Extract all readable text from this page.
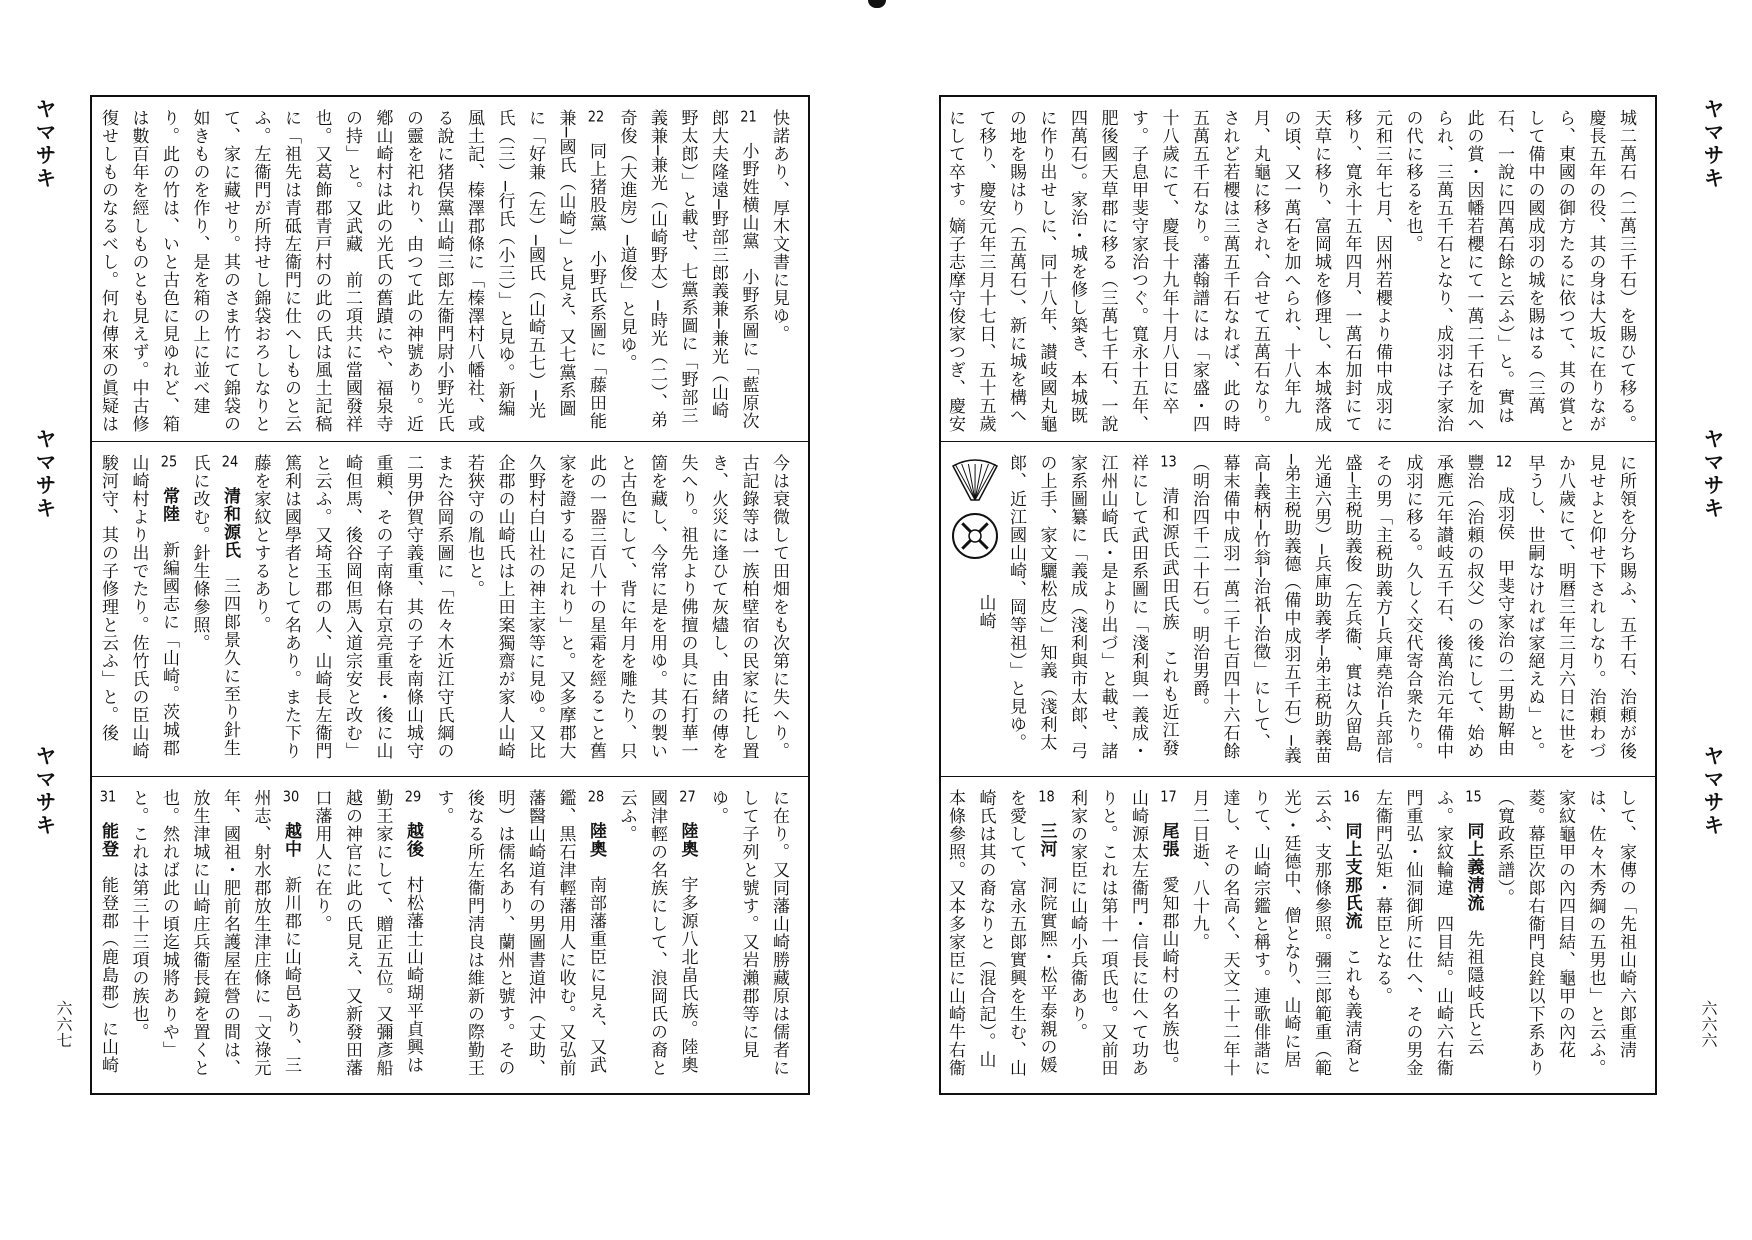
ヤマサキ
ヤマサキ
ヤマサキ
快諾あり、厚木文書に見ゆ。
21　小野姓横山黨　小野系圖に「藍原次郎大夫隆遠─野部三郎義兼─兼光（山崎野太郎）」と載せ、七黨系圖に「野部三義兼─兼光（山崎野太）─時光（二）、弟奇俊（大進房）─道俊」と見ゆ。
22　同上猪股黨　小野氏系圖に「藤田能兼─國氏（山崎）」と見え、又七黨系圖に「好兼（左）─國氏（山崎五七）─光氏（三）─行氏（小三）」と見ゆ。新編風土記、榛澤郡條に「榛澤村八幡社、或る說に猪俣黨山崎三郎左衞門尉小野光氏の靈を祀れり、由つて此の神號あり。近鄕山崎村は此の光氏の舊蹟にや、福泉寺の持」と。又武藏　前二項共に當國發祥也。又葛飾郡青戸村の此の氏は風土記稿に「祖先は青砥左衞門に仕へしものと云ふ。左衞門が所持せし錦袋おろしなりとて、家に藏せり。其のさま竹にて錦袋の如きものを作り、是を箱の上に並べ建り。此の竹は、いと古色に見ゆれど、箱は數百年を經しものとも見えず。中古修復せしものなるべし。何れ傳來の眞疑は
今は衰微して田畑をも次第に失へり。古記錄等は一族柏壁宿の民家に托し置き、火災に逢ひて灰燼し、由緒の傳を失へり。祖先より佛擅の具に石打華一箇を藏し、今常に是を用ゆ。其の製いと古色にして、背に年月を雕たり、只此の一器三百八十の星霜を經ること舊家を證するに足れり」と。又多摩郡大久野村白山社の神主家等に見ゆ。又比企郡の山崎氏は上田案獨齋が家人山崎若狹守の胤也と。
また谷岡系圖に「佐々木近江守氏綱の二男伊賀守義重、其の子を南條山城守重頼、その子南條右京亮重長・後に山崎但馬、後谷岡但馬入道宗安と改む」と云ふ。又埼玉郡の人、山崎長左衞門篤利は國學者として名あり。また下り藤を家紋とするあり。
24　清和源氏　三四郞景久に至り針生氏に改む。針生條參照。
25　常陸　新編國志に「山崎。茨城郡山崎村より出でたり。佐竹氏の臣山崎駿河守、其の子修理と云ふ」と。後

に在り。又同藩山崎勝藏原は儒者にして子列と號す。又岩瀨郡等に見ゆ。
27　陸奧　宇多源八北畠氏族。陸奧國津輕の名族にして、浪岡氏の裔と云ふ。
28　陸奧　南部藩重臣に見え、又武鑑、黒石津輕藩用人に收む。又弘前藩醫山崎道有の男圖書道沖（丈助、明）は儒名あり、蘭州と號す。その後なる所左衞門淸良は維新の際勤王す。
29　越後　村松藩士山崎瑚平貞興は勤王家にして、贈正五位。又彌彥船越の神官に此の氏見え、又新發田藩口藩用人に在り。
30　越中　新川郡に山崎邑あり、三州志、射水郡放生津庄條に「文祿元年、國祖・肥前名護屋在營の間は、放生津城に山崎庄兵衞長鏡を置くと也。然れば此の頃迄城將ありや」と。これは第三十三項の族也。
31　能登　能登郡（鹿島郡）に山崎

六六七
ヤマサキ
ヤマサキ
ヤマサキ
城二萬石（二萬三千石）を賜ひて移る。慶長五年の役、其の身は大坂に在りながら、東國の御方たるに依つて、其の賞として備中の國成羽の城を賜はる（三萬石、一說に四萬石餘と云ふ）」と。實は此の賞・因幡若櫻にて一萬二千石を加へられ、三萬五千石となり、成羽は子家治の代に移るを也。
元和三年七月、因州若櫻より備中成羽に移り、寬永十五年四月、一萬石加封にて天草に移り、富岡城を修理し、本城落成の頃、又一萬石を加へられ、十八年九月、丸龜に移され、合せて五萬石なり。されど若櫻は三萬五千石なれば、此の時五萬五千石なり。藩翰譜には「家盛・四十八歲にて、慶長十九年十月八日に卒す。子息甲斐守家治つぐ。寬永十五年、肥後國天草郡に移る（三萬七千石、一說四萬石）。家治・城を修し築き、本城既に作り出せしに、同十八年、讃岐國丸龜の地を賜はり（五萬石）、新に城を構へて移り、慶安元年三月十七日、五十五歲にして卒す。嫡子志摩守俊家つぎ、慶安
に所領を分ち賜ふ、五千石、治頼が後見せよと仰せ下されしなり。治頼わづか八歲にて、明曆三年三月六日に世を早うし、世嗣なければ家絕えぬ」と。
12　成羽侯　甲斐守家治の二男勘解由豐治（治頼の叔父）の後にして、始め承應元年讃岐五千石、後萬治元年備中成羽に移る。久しく交代寄合衆たり。その男「主税助義方─兵庫堯治─兵部信盛─主税助義俊（左兵衞、實は久留島光通六男）─兵庫助義孝─弟主税助義苗─弟主税助義德（備中成羽五千石）─義高─義柄─竹翁─治祇─治徵」にして、幕末備中成羽一萬二千七百四十六石餘（明治四千二十石）。明治男爵。
13　清和源氏武田氏族　これも近江發祥にして武田系圖に「淺利與一義成・江州山崎氏・是より出づ」と載せ、諸家系圖纂に「義成（淺利與市太郞、弓の上手、家文驪松皮）」知義（淺利太郞、近江國山崎、岡等祖）」と見ゆ。山崎

して、家傳の「先祖山崎六郞重淸は、佐々木秀綱の五男也」と云ふ。家紋龜甲の內四目結、龜甲の內花菱。幕臣次郞右衞門良銓以下系あり（寬政系譜）。
15　同上義淸流　先祖隱岐氏と云ふ。家紋輪違　四目結。山崎六右衞門重弘・仙洞御所に仕へ、その男金左衞門弘矩・幕臣となる。
16　同上支那氏流　これも義淸裔と云ふ、支那條參照。彌三郞範重（範光）・廷德中、僧となり、山崎に居りて、山崎宗鑑と稱す。連歌俳諧に達し、その名高く、天文二十二年十月二日逝、八十九。
17　尾張　愛知郡山崎村の名族也。山崎源太左衞門・信長に仕へて功ありと。これは第十一項氏也。又前田利家の家臣に山崎小兵衞あり。
18　三河　洞院實熈・松平泰親の媛を愛して、富永五郞實興を生む、山崎氏は其の裔なりと（混合記）。山本條參照。又本多家臣に山崎牛右衞

六六六
